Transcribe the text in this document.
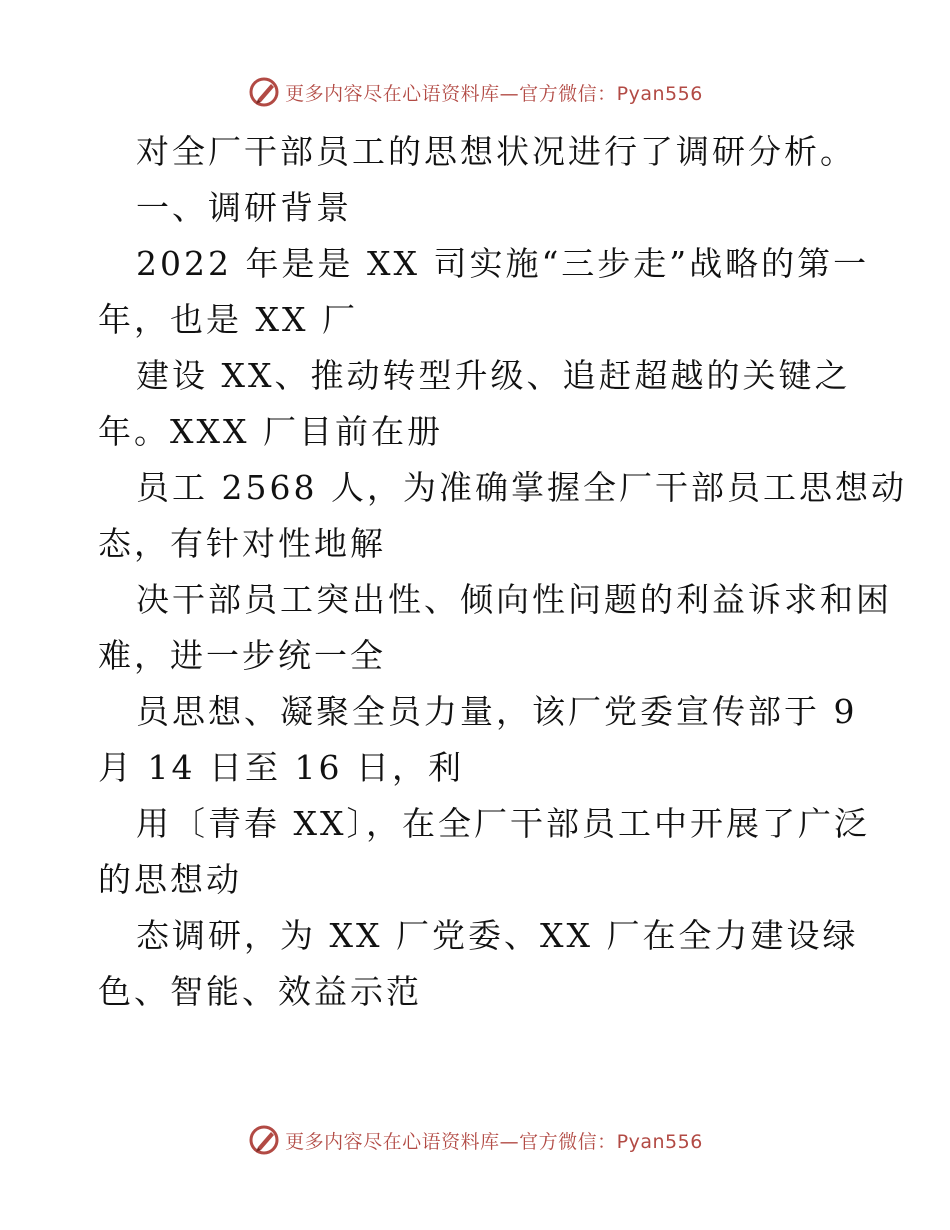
更多内容尽在心语资料库—官方微信：Pyan556
对全厂干部员工的思想状况进行了调研分析。
一、调研背景
2022 年是是 XX 司实施“三步走”战略的第一
年，也是 XX 厂
建设 XX、推动转型升级、追赶超越的关键之
年。XXX 厂目前在册
员工 2568 人，为准确掌握全厂干部员工思想动
态，有针对性地解
决干部员工突出性、倾向性问题的利益诉求和困
难，进一步统一全
员思想、凝聚全员力量，该厂党委宣传部于 9
月 14 日至 16 日，利
用〔青春 XX〕，在全厂干部员工中开展了广泛
的思想动
态调研，为 XX 厂党委、XX 厂在全力建设绿
色、智能、效益示范
更多内容尽在心语资料库—官方微信：Pyan556
